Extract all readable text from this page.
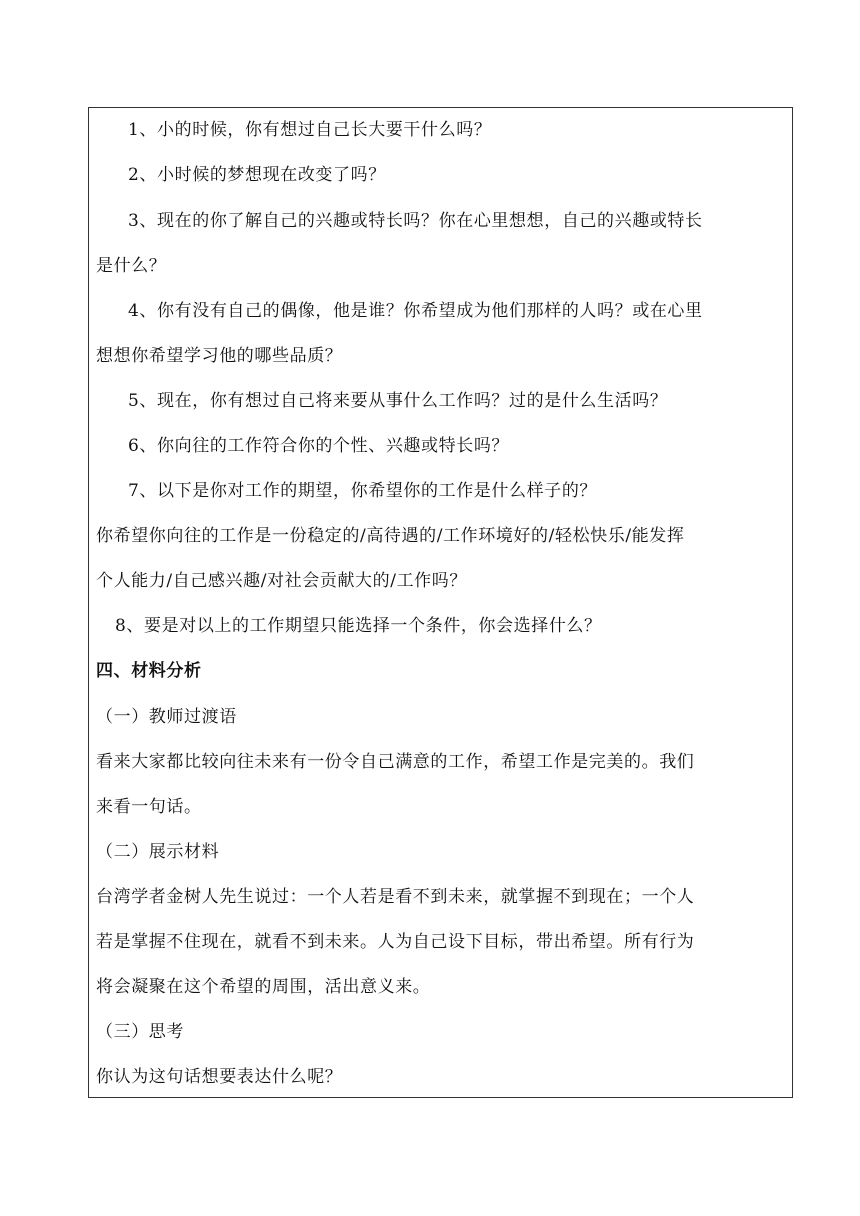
1、小的时候，你有想过自己长大要干什么吗？
2、小时候的梦想现在改变了吗？
3、现在的你了解自己的兴趣或特长吗？你在心里想想，自己的兴趣或特长
是什么？
4、你有没有自己的偶像，他是谁？你希望成为他们那样的人吗？或在心里
想想你希望学习他的哪些品质？
5、现在，你有想过自己将来要从事什么工作吗？过的是什么生活吗？
6、你向往的工作符合你的个性、兴趣或特长吗？
7、以下是你对工作的期望，你希望你的工作是什么样子的？
你希望你向往的工作是一份稳定的/高待遇的/工作环境好的/轻松快乐/能发挥
个人能力/自己感兴趣/对社会贡献大的/工作吗？
8、要是对以上的工作期望只能选择一个条件，你会选择什么？
四、材料分析
（一）教师过渡语
看来大家都比较向往未来有一份令自己满意的工作，希望工作是完美的。我们
来看一句话。
（二）展示材料
台湾学者金树人先生说过：一个人若是看不到未来，就掌握不到现在；一个人
若是掌握不住现在，就看不到未来。人为自己设下目标，带出希望。所有行为
将会凝聚在这个希望的周围，活出意义来。
（三）思考
你认为这句话想要表达什么呢？
